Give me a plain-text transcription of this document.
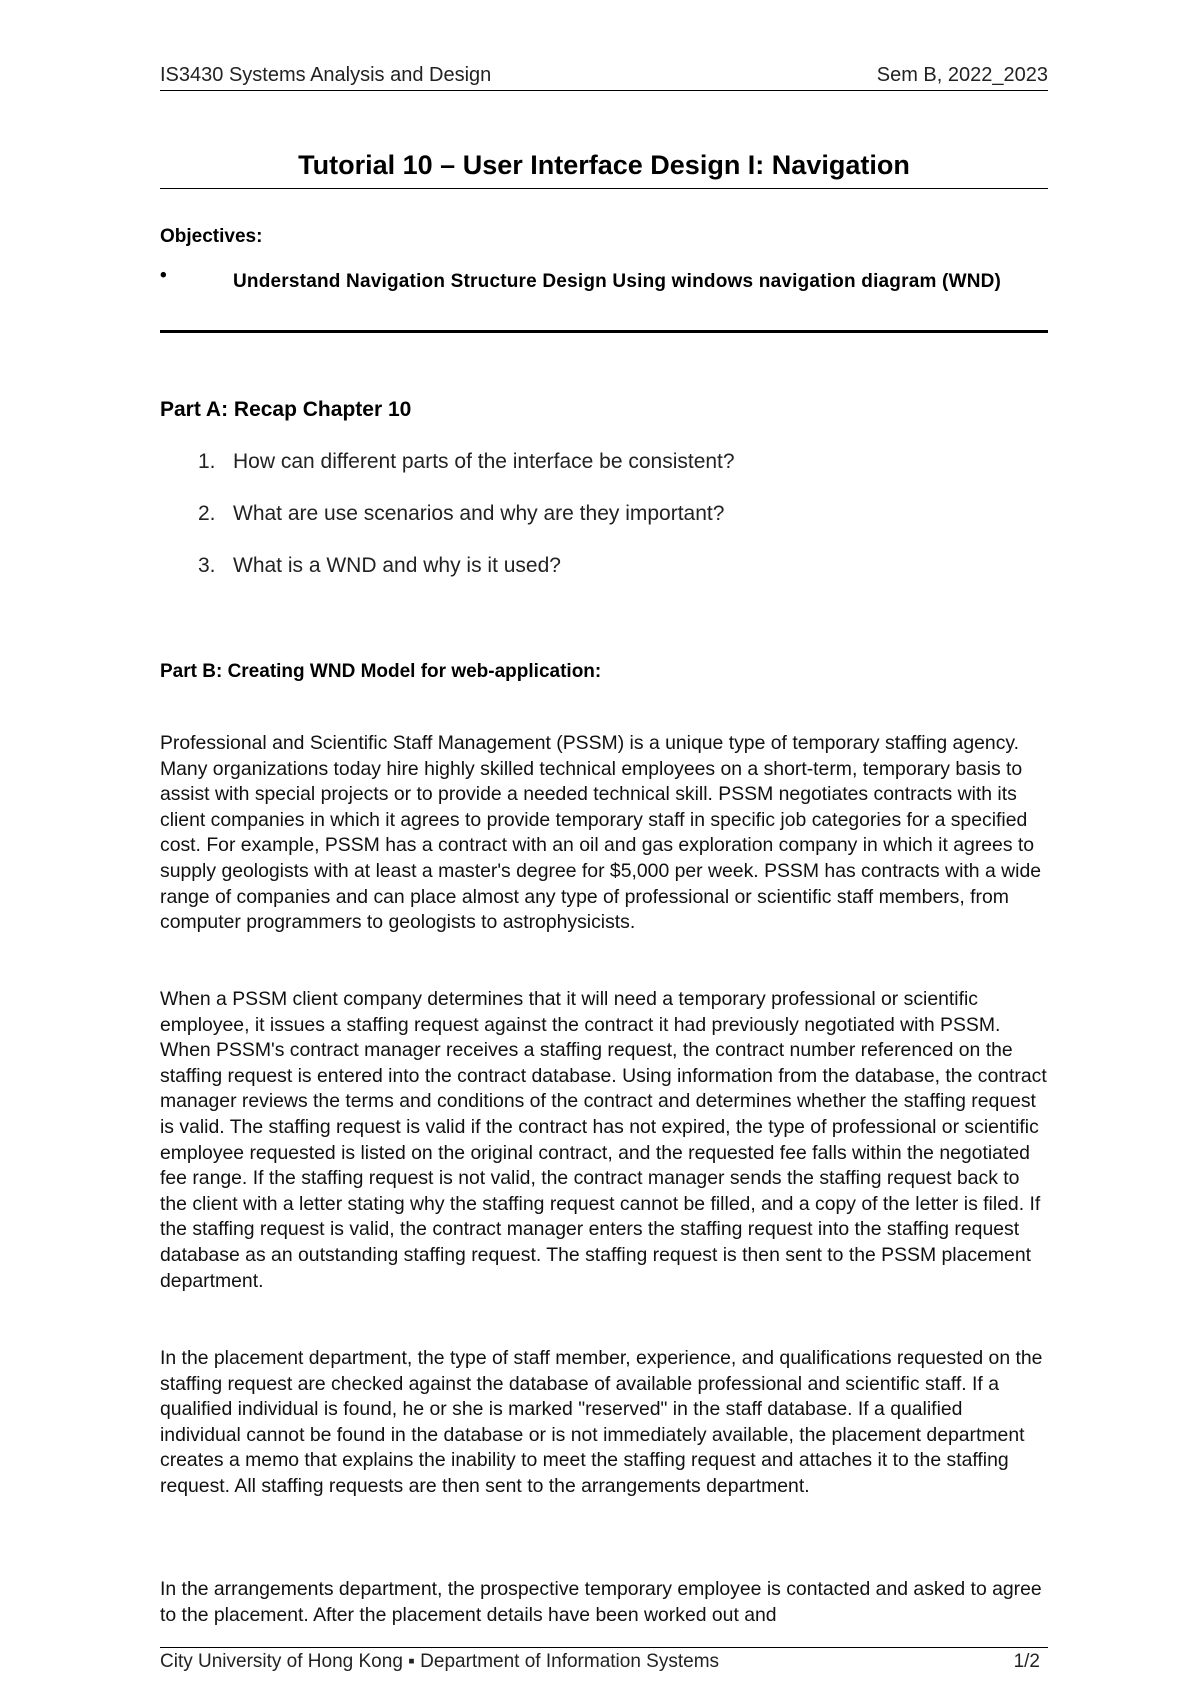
IS3430 Systems Analysis and Design	Sem B, 2022_2023
Tutorial 10 – User Interface Design I: Navigation
Objectives:
•	Understand Navigation Structure Design Using windows navigation diagram (WND)
Part A: Recap Chapter 10
1. How can different parts of the interface be consistent?
2. What are use scenarios and why are they important?
3. What is a WND and why is it used?
Part B: Creating WND Model for web-application:

Professional and Scientific Staff Management (PSSM) is a unique type of temporary staffing agency. Many organizations today hire highly skilled technical employees on a short-term, temporary basis to assist with special projects or to provide a needed technical skill. PSSM negotiates contracts with its client companies in which it agrees to provide temporary staff in specific job categories for a specified cost. For example, PSSM has a contract with an oil and gas exploration company in which it agrees to supply geologists with at least a master's degree for $5,000 per week. PSSM has contracts with a wide range of companies and can place almost any type of professional or scientific staff members, from computer programmers to geologists to astrophysicists.

When a PSSM client company determines that it will need a temporary professional or scientific employee, it issues a staffing request against the contract it had previously negotiated with PSSM. When PSSM's contract manager receives a staffing request, the contract number referenced on the staffing request is entered into the contract database. Using information from the database, the contract manager reviews the terms and conditions of the contract and determines whether the staffing request is valid. The staffing request is valid if the contract has not expired, the type of professional or scientific employee requested is listed on the original contract, and the requested fee falls within the negotiated fee range. If the staffing request is not valid, the contract manager sends the staffing request back to the client with a letter stating why the staffing request cannot be filled, and a copy of the letter is filed. If the staffing request is valid, the contract manager enters the staffing request into the staffing request database as an outstanding staffing request. The staffing request is then sent to the PSSM placement department.

In the placement department, the type of staff member, experience, and qualifications requested on the staffing request are checked against the database of available professional and scientific staff. If a qualified individual is found, he or she is marked "reserved" in the staff database. If a qualified individual cannot be found in the database or is not immediately available, the placement department creates a memo that explains the inability to meet the staffing request and attaches it to the staffing request. All staffing requests are then sent to the arrangements department.

In the arrangements department, the prospective temporary employee is contacted and asked to agree to the placement. After the placement details have been worked out and

City University of Hong Kong ▪ Department of Information Systems	1/2
